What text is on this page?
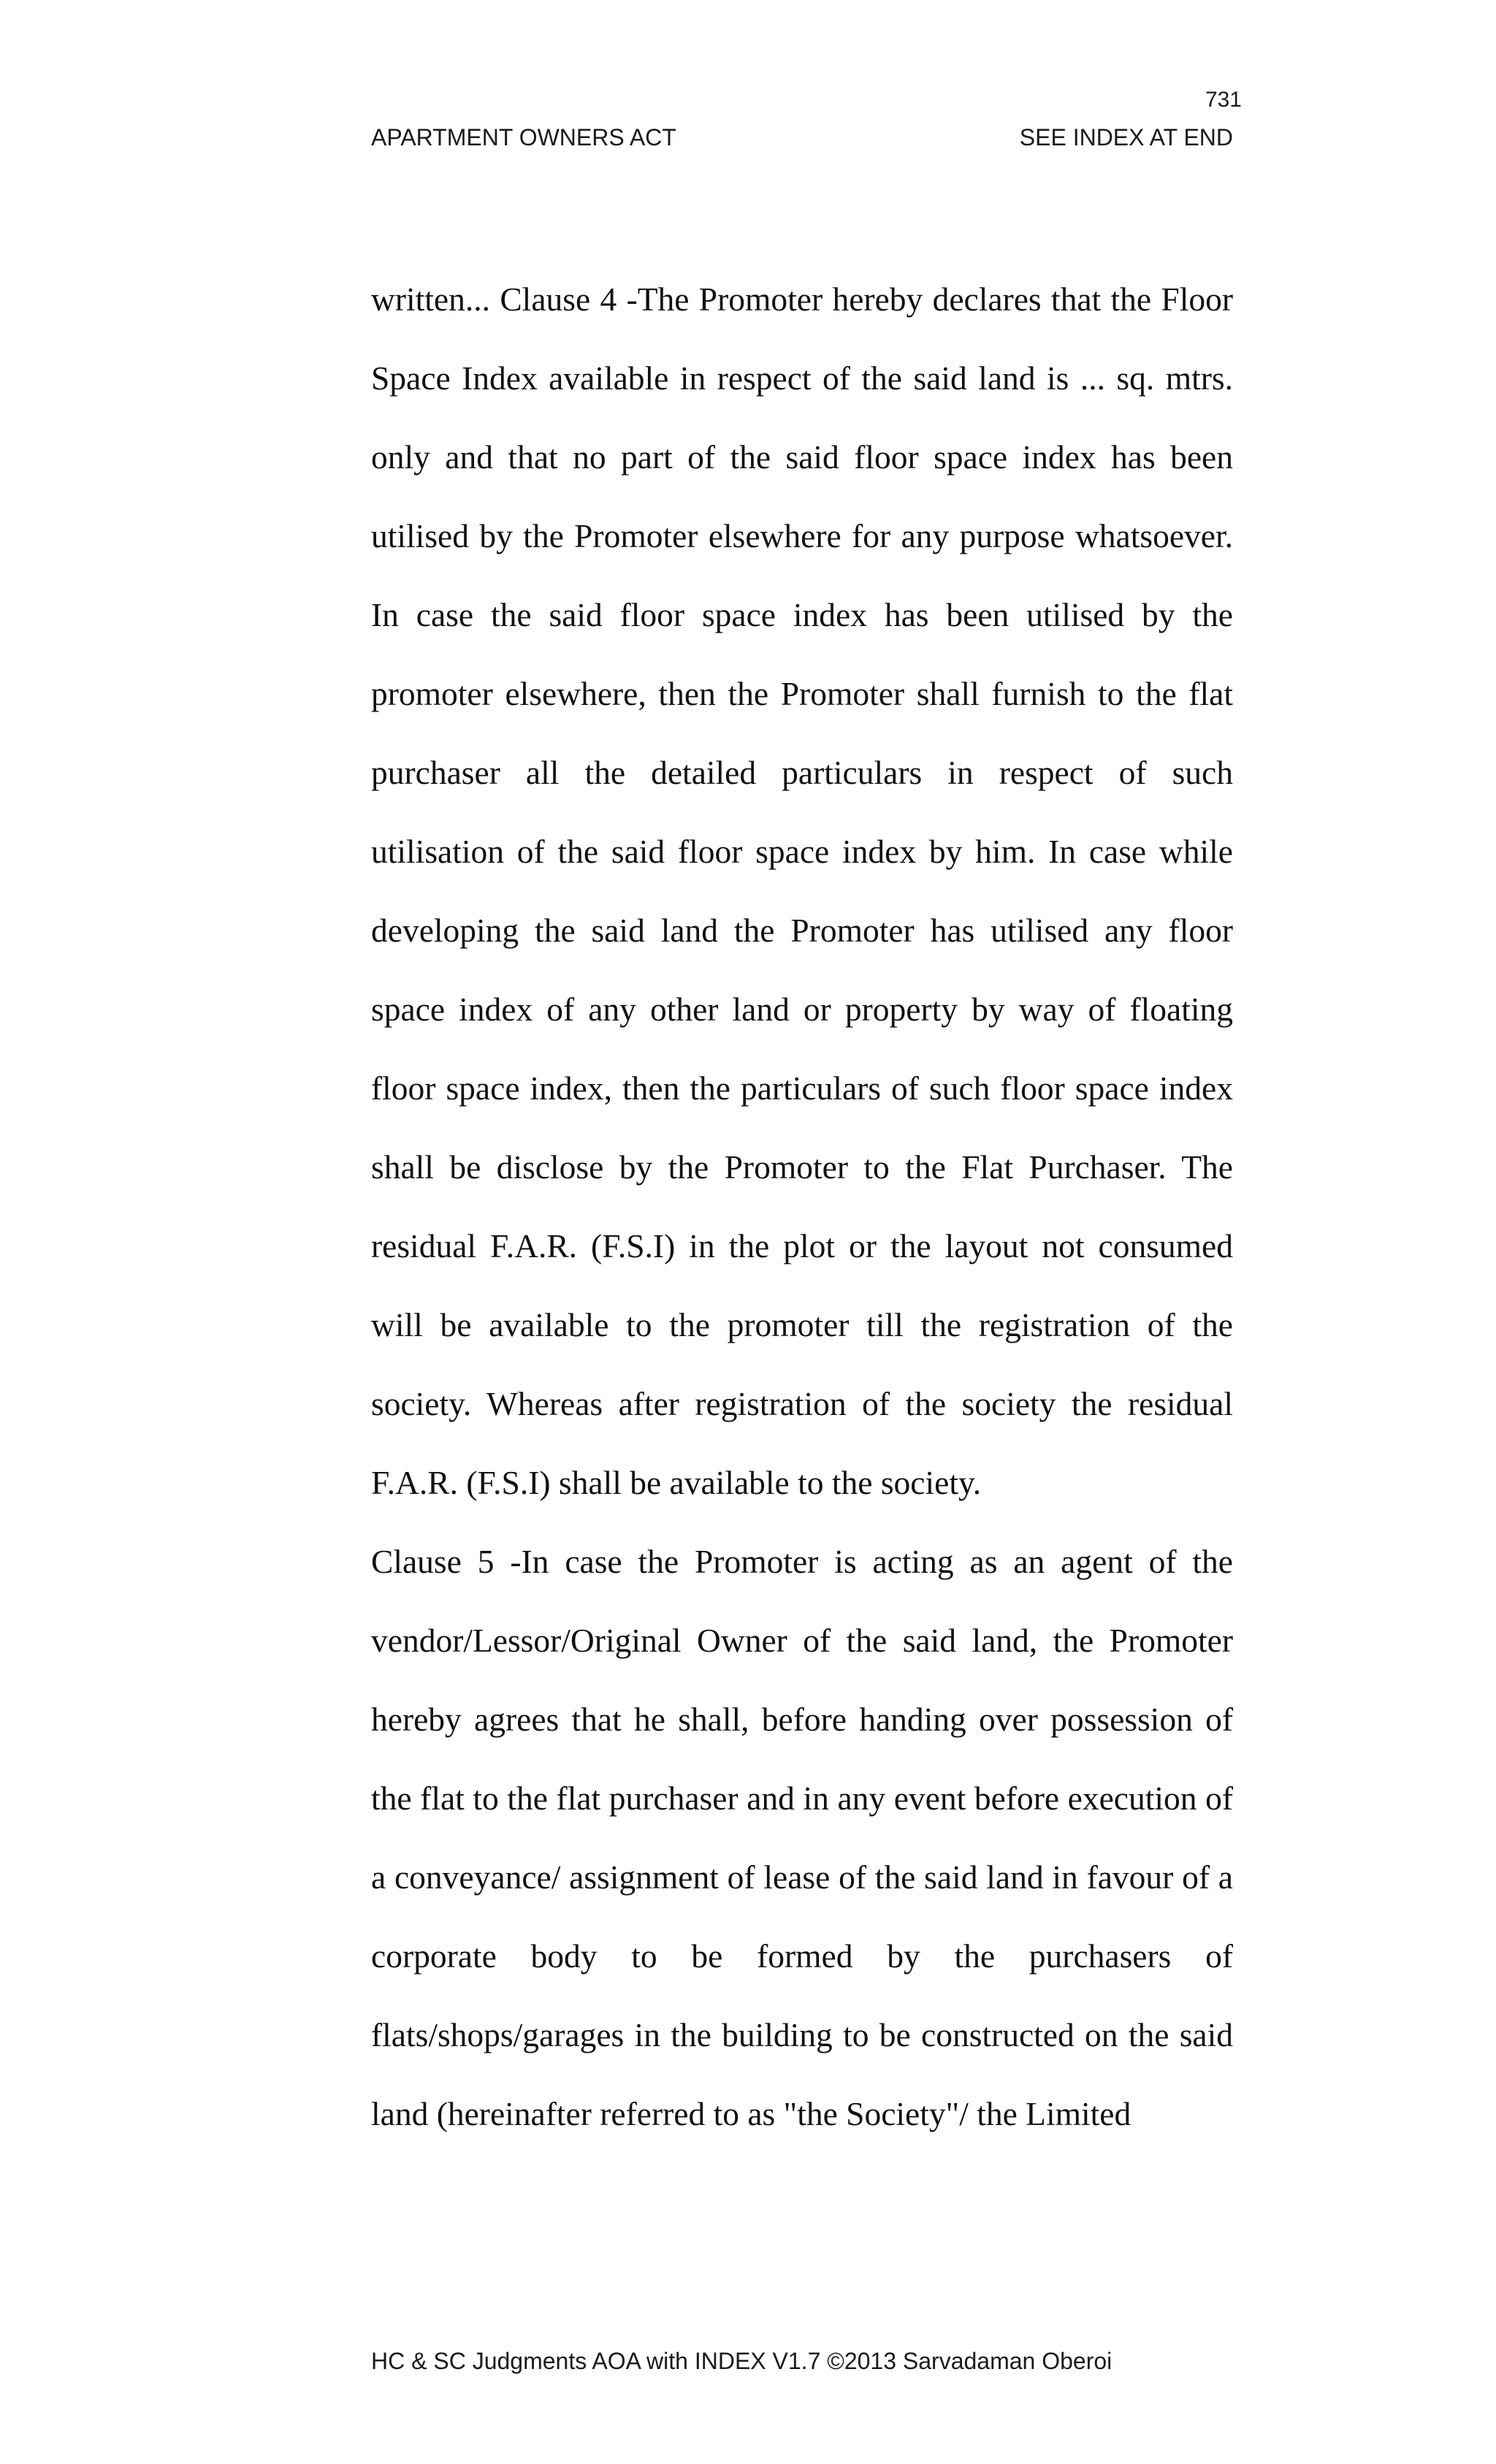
731
APARTMENT OWNERS ACT	SEE INDEX AT END

written... Clause 4 -The Promoter hereby declares that the Floor Space Index available in respect of the said land is ... sq. mtrs. only and that no part of the said floor space index has been utilised by the Promoter elsewhere for any purpose whatsoever. In case the said floor space index has been utilised by the promoter elsewhere, then the Promoter shall furnish to the flat purchaser all the detailed particulars in respect of such utilisation of the said floor space index by him. In case while developing the said land the Promoter has utilised any floor space index of any other land or property by way of floating floor space index, then the particulars of such floor space index shall be disclose by the Promoter to the Flat Purchaser. The residual F.A.R. (F.S.I) in the plot or the layout not consumed will be available to the promoter till the registration of the society. Whereas after registration of the society the residual F.A.R. (F.S.I) shall be available to the society.

Clause 5 -In case the Promoter is acting as an agent of the vendor/Lessor/Original Owner of the said land, the Promoter hereby agrees that he shall, before handing over possession of the flat to the flat purchaser and in any event before execution of a conveyance/ assignment of lease of the said land in favour of a corporate body to be formed by the purchasers of flats/shops/garages in the building to be constructed on the said land (hereinafter referred to as "the Society"/ the Limited

HC & SC Judgments AOA with INDEX V1.7 ©2013 Sarvadaman Oberoi
